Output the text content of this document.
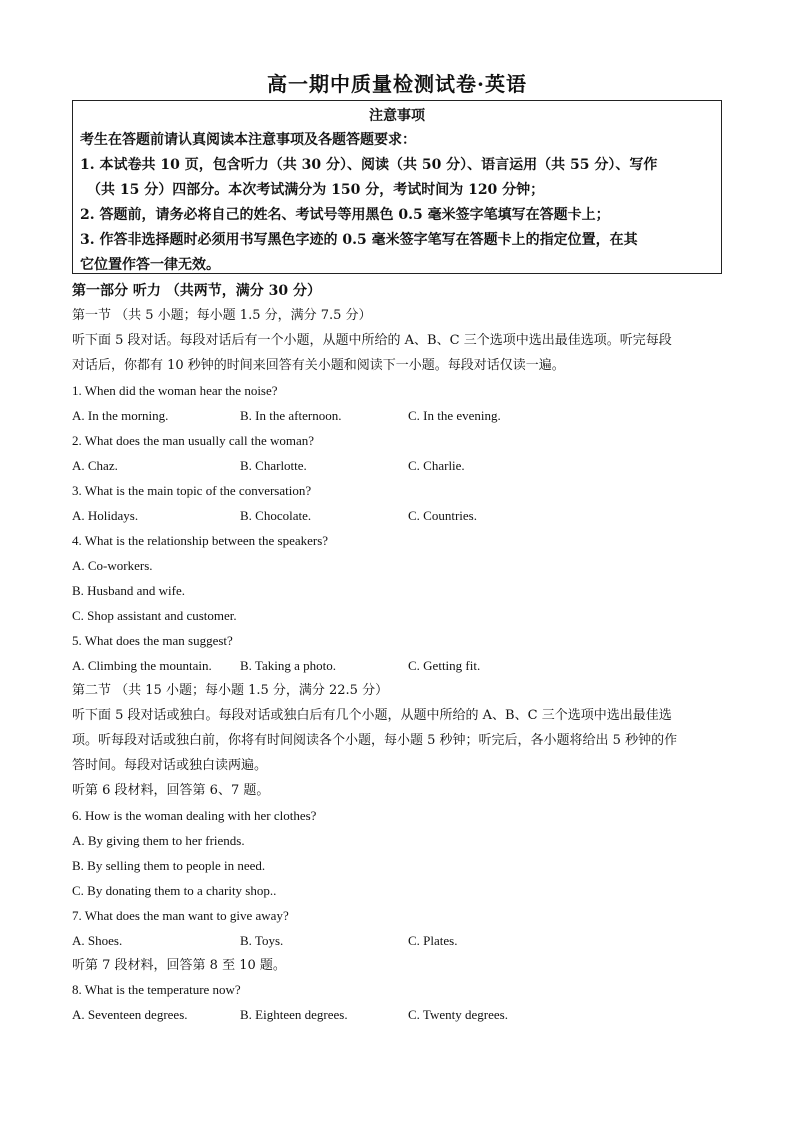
高一期中质量检测试卷·英语
注意事项
考生在答题前请认真阅读本注意事项及各题答题要求：
1. 本试卷共 10 页，包含听力（共 30 分）、阅读（共 50 分）、语言运用（共 55 分）、写作
（共 15 分）四部分。本次考试满分为 150 分，考试时间为 120 分钟；
2. 答题前，请务必将自己的姓名、考试号等用黑色 0.5 毫米签字笔填写在答题卡上；
3. 作答非选择题时必须用书写黑色字迹的 0.5 毫米签字笔写在答题卡上的指定位置，在其
它位置作答一律无效。
第一部分 听力 （共两节，满分 30 分）
第一节 （共 5 小题；每小题 1.5 分，满分 7.5 分）
听下面 5 段对话。每段对话后有一个小题，从题中所给的 A、B、C 三个选项中选出最佳选项。听完每段
对话后，你都有 10 秒钟的时间来回答有关小题和阅读下一小题。每段对话仅读一遍。
1. When did the woman hear the noise?
A. In the morning.	B. In the afternoon.	C. In the evening.
2. What does the man usually call the woman?
A. Chaz.	B. Charlotte.	C. Charlie.
3. What is the main topic of the conversation?
A. Holidays.	B. Chocolate.	C. Countries.
4. What is the relationship between the speakers?
A. Co-workers.
B. Husband and wife.
C. Shop assistant and customer.
5. What does the man suggest?
A. Climbing the mountain. B. Taking a photo.	C. Getting fit.
第二节 （共 15 小题；每小题 1.5 分，满分 22.5 分）
听下面 5 段对话或独白。每段对话或独白后有几个小题，从题中所给的 A、B、C 三个选项中选出最佳选
项。听每段对话或独白前，你将有时间阅读各个小题，每小题 5 秒钟；听完后，各小题将给出 5 秒钟的作
答时间。每段对话或独白读两遍。
听第 6 段材料，回答第 6、7 题。
6. How is the woman dealing with her clothes?
A. By giving them to her friends.
B. By selling them to people in need.
C. By donating them to a charity shop..
7. What does the man want to give away?
A. Shoes.	B. Toys.	C. Plates.
听第 7 段材料，回答第 8 至 10 题。
8. What is the temperature now?
A. Seventeen degrees.	B. Eighteen degrees.	C. Twenty degrees.
